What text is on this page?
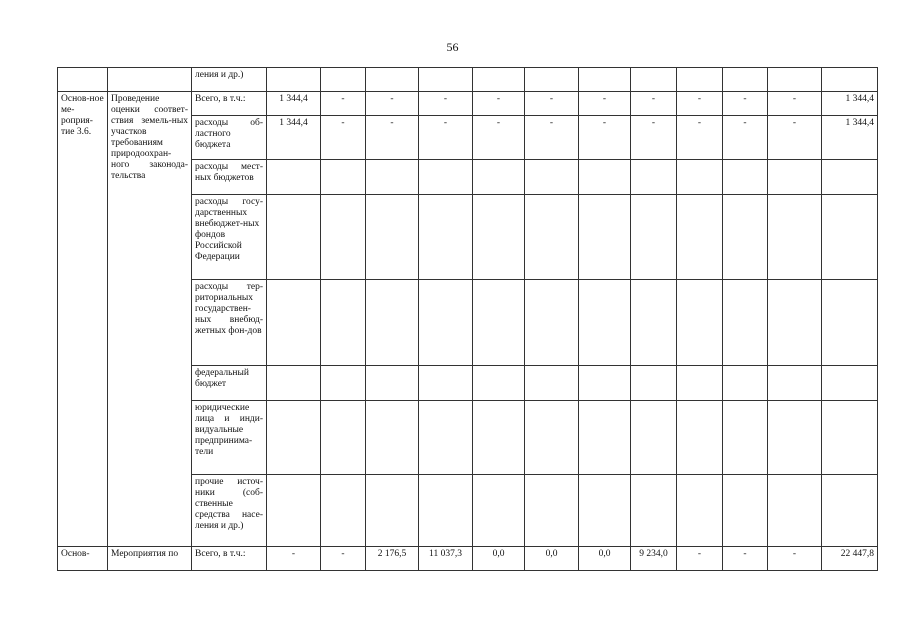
56
		ления и др.)												
Основ-ное ме-роприя-тие 3.6.	Проведение оценки соответ-ствия земель-ных участков требованиям природоохран-ного законода-тельства	Всего, в т.ч.:	1 344,4	-	-	-	-	-	-	-	-	-	-	1 344,4
		расходы об-ластного бюджета	1 344,4	-	-	-	-	-	-	-	-	-	-	1 344,4
		расходы мест-ных бюджетов												
		расходы госу-дарственных внебюджет-ных фондов Российской Федерации												
		расходы тер-риториальных государствен-ных внебюд-жетных фон-дов												
		федеральный бюджет												
		юридические лица и инди-видуальные предпринима-тели												
		прочие источ-ники (соб-ственные средства насе-ления и др.)												
Основ-	Мероприятия по	Всего, в т.ч.:	-	-	2 176,5	11 037,3	0,0	0,0	0,0	9 234,0	-	-	-	22 447,8
